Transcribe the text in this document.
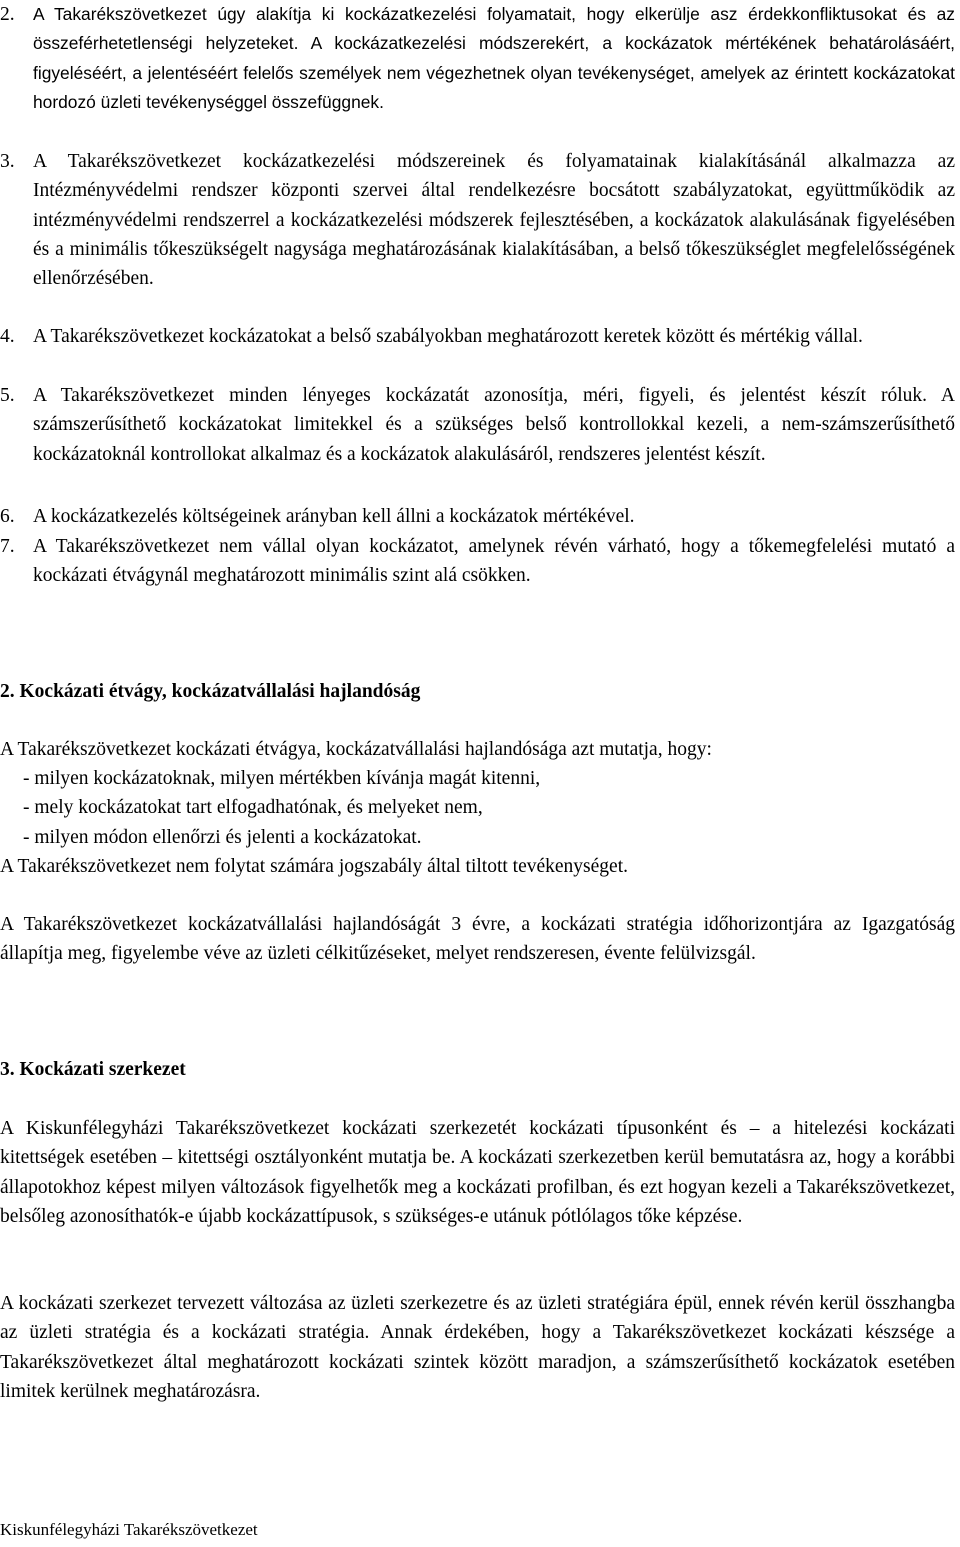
2. A Takarékszövetkezet úgy alakítja ki kockázatkezelési folyamatait, hogy elkerülje asz érdekkonfliktusokat és az összeférhetetlenségi helyzeteket. A kockázatkezelési módszerekért, a kockázatok mértékének behatárolásáért, figyeléséért, a jelentéséért felelős személyek nem végezhetnek olyan tevékenységet, amelyek az érintett kockázatokat hordozó üzleti tevékenységgel összefüggnek.
3. A Takarékszövetkezet kockázatkezelési módszereinek és folyamatainak kialakításánál alkalmazza az Intézményvédelmi rendszer központi szervei által rendelkezésre bocsátott szabályzatokat, együttműködik az intézményvédelmi rendszerrel a kockázatkezelési módszerek fejlesztésében, a kockázatok alakulásának figyelésében és a minimális tőkeszükségelt nagysága meghatározásának kialakításában, a belső tőkeszükséglet megfelelősségének ellenőrzésében.
4. A Takarékszövetkezet kockázatokat a belső szabályokban meghatározott keretek között és mértékig vállal.
5. A Takarékszövetkezet minden lényeges kockázatát azonosítja, méri, figyeli, és jelentést készít róluk. A számszerűsíthető kockázatokat limitekkel és a szükséges belső kontrollokkal kezeli, a nem-számszerűsíthető kockázatoknál kontrollokat alkalmaz és a kockázatok alakulásáról, rendszeres jelentést készít.
6. A kockázatkezelés költségeinek arányban kell állni a kockázatok mértékével.
7. A Takarékszövetkezet nem vállal olyan kockázatot, amelynek révén várható, hogy a tőkemegfelelési mutató a kockázati étvágynál meghatározott minimális szint alá csökken.
2. Kockázati étvágy, kockázatvállalási hajlandóság
A Takarékszövetkezet kockázati étvágya, kockázatvállalási hajlandósága azt mutatja, hogy:
- milyen kockázatoknak, milyen mértékben kívánja magát kitenni,
- mely kockázatokat tart elfogadhatónak, és melyeket nem,
- milyen módon ellenőrzi és jelenti a kockázatokat.
A Takarékszövetkezet nem folytat számára jogszabály által tiltott tevékenységet.
A Takarékszövetkezet kockázatvállalási hajlandóságát 3 évre, a kockázati stratégia időhorizontjára az Igazgatóság állapítja meg, figyelembe véve az üzleti célkitűzéseket, melyet rendszeresen, évente felülvizsgál.
3. Kockázati szerkezet
A Kiskunfélegyházi Takarékszövetkezet kockázati szerkezetét kockázati típusonként és – a hitelezési kockázati kitettségek esetében – kitettségi osztályonként mutatja be. A kockázati szerkezetben kerül bemutatásra az, hogy a korábbi állapotokhoz képest milyen változások figyelhetők meg a kockázati profilban, és ezt hogyan kezeli a Takarékszövetkezet, belsőleg azonosíthatók-e újabb kockázattípusok, s szükséges-e utánuk pótlólagos tőke képzése.
A kockázati szerkezet tervezett változása az üzleti szerkezetre és az üzleti stratégiára épül, ennek révén kerül összhangba az üzleti stratégia és a kockázati stratégia. Annak érdekében, hogy a Takarékszövetkezet kockázati készsége a Takarékszövetkezet által meghatározott kockázati szintek között maradjon, a számszerűsíthető kockázatok esetében limitek kerülnek meghatározásra.
Kiskunfélegyházi Takarékszövetkezet
